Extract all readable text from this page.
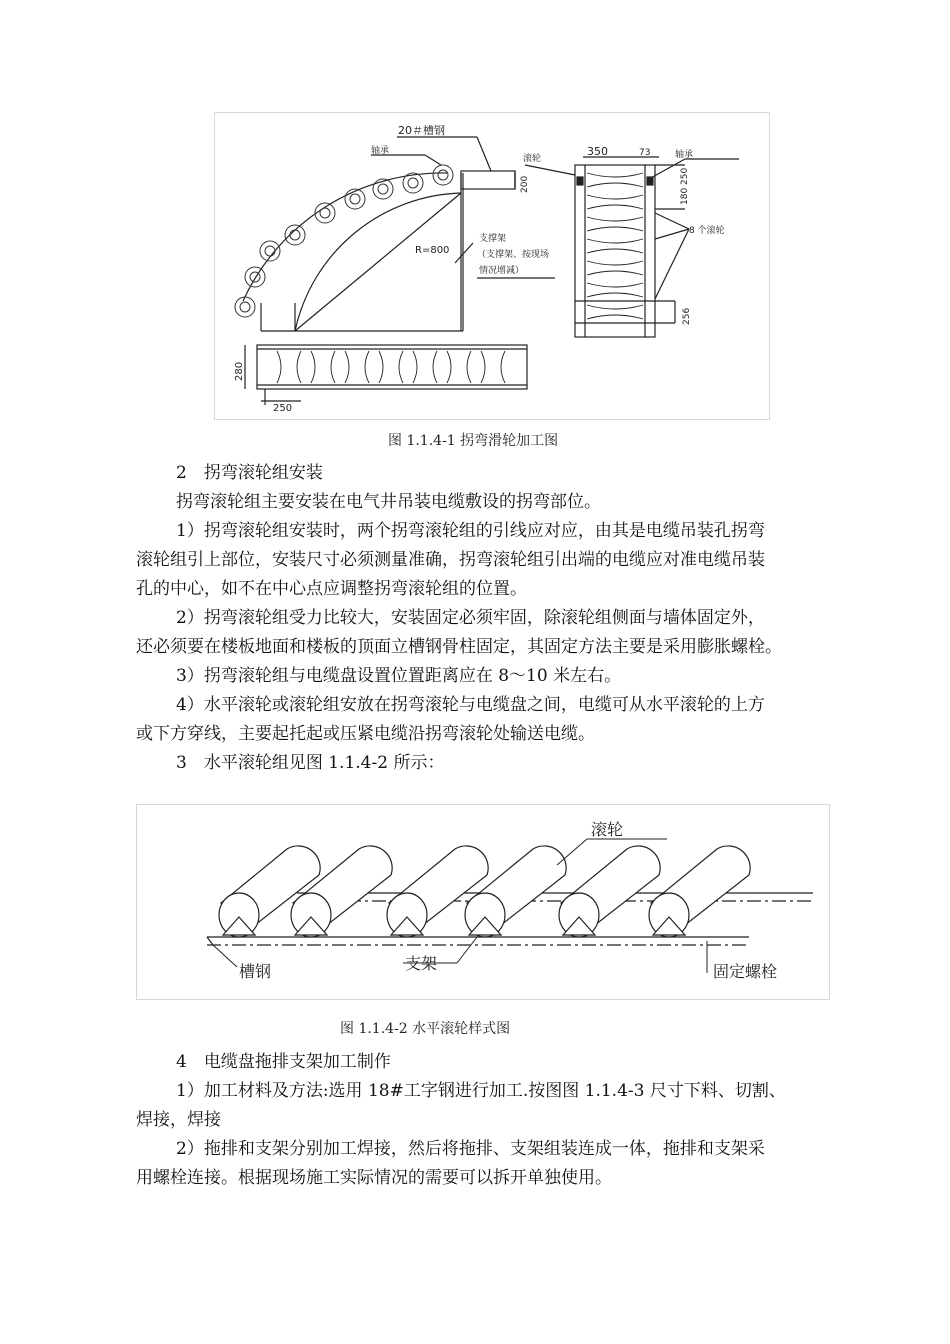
20＃槽钢
轴承
滚轮
350	73	轴承
180 250
200
支撑架
（支撑架、按现场
情况增减）
R=800
8 个滚轮
256
280
250
图 1.1.4-1 拐弯滑轮加工图
2　拐弯滚轮组安装
拐弯滚轮组主要安装在电气井吊装电缆敷设的拐弯部位。
1）拐弯滚轮组安装时，两个拐弯滚轮组的引线应对应，由其是电缆吊装孔拐弯
滚轮组引上部位，安装尺寸必须测量准确，拐弯滚轮组引出端的电缆应对准电缆吊装
孔的中心，如不在中心点应调整拐弯滚轮组的位置。
2）拐弯滚轮组受力比较大，安装固定必须牢固，除滚轮组侧面与墙体固定外，
还必须要在楼板地面和楼板的顶面立槽钢骨柱固定，其固定方法主要是采用膨胀螺栓。
3）拐弯滚轮组与电缆盘设置位置距离应在 8～10 米左右。
4）水平滚轮或滚轮组安放在拐弯滚轮与电缆盘之间，电缆可从水平滚轮的上方
或下方穿线，主要起托起或压紧电缆沿拐弯滚轮处输送电缆。
3　水平滚轮组见图 1.1.4-2 所示：
滚轮
槽钢	支架	固定螺栓
图 1.1.4-2 水平滚轮样式图
4　电缆盘拖排支架加工制作
1）加工材料及方法:选用 18#工字钢进行加工.按图图 1.1.4-3 尺寸下料、切割、
焊接，焊接
2）拖排和支架分别加工焊接，然后将拖排、支架组装连成一体，拖排和支架采
用螺栓连接。根据现场施工实际情况的需要可以拆开单独使用。
